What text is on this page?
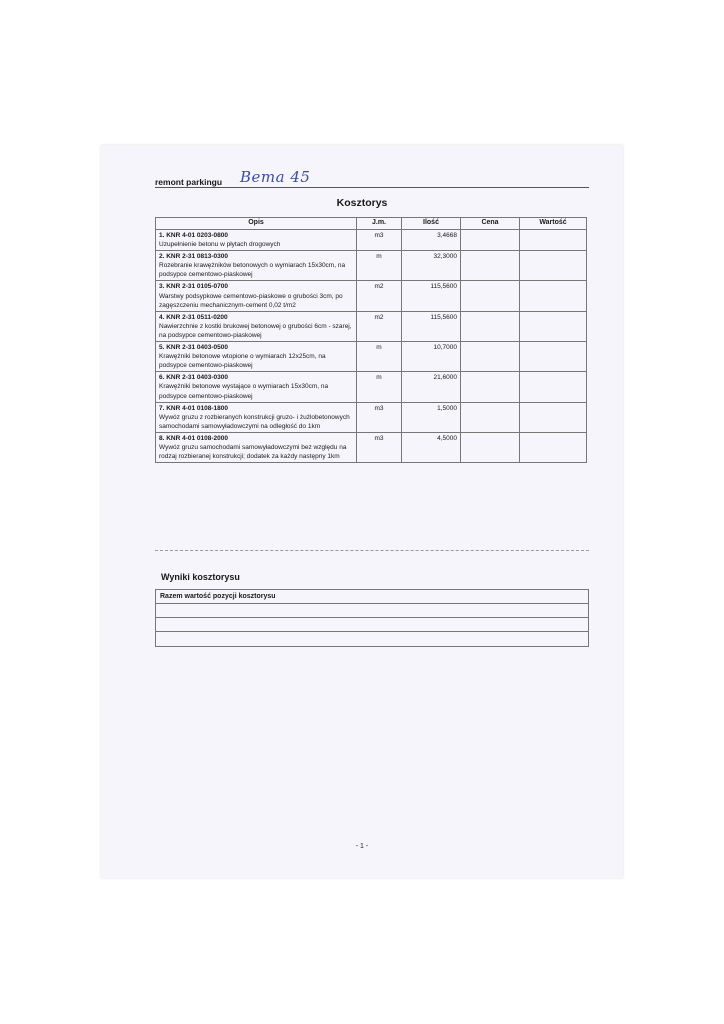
remont parkingu Bema 45
Kosztorys
Opis	J.m.	Ilość	Cena	Wartość

1. KNR 4-01 0203-0800
Uzupełnienie betonu w płytach drogowych	m3	3,4668		

2. KNR 2-31 0813-0300
Rozebranie krawężników betonowych o wymiarach 15x30cm, na podsypce cementowo-piaskowej	m	32,3000		

3. KNR 2-31 0105-0700
Warstwy podsypkowe cementowo-piaskowe o grubości 3cm, po zagęszczeniu mechanicznym-cement 0,02 t/m2	m2	115,5600		

4. KNR 2-31 0511-0200
Nawierzchnie z kostki brukowej betonowej o grubości 6cm - szarej, na podsypce cementowo-piaskowej	m2	115,5600		

5. KNR 2-31 0403-0500
Krawężniki betonowe wtopione o wymiarach 12x25cm, na podsypce cementowo-piaskowej	m	10,7000		

6. KNR 2-31 0403-0300
Krawężniki betonowe wystające o wymiarach 15x30cm, na podsypce cementowo-piaskowej	m	21,6000		

7. KNR 4-01 0108-1800
Wywóz gruzu z rozbieranych konstrukcji gruzo- i żużlobetonowych samochodami samowyładowczymi na odległość do 1km	m3	1,5000		

8. KNR 4-01 0108-2000
Wywóz gruzu samochodami samowyładowczymi bez względu na rodzaj rozbieranej konstrukcji; dodatek za każdy następny 1km	m3	4,5000		
Wyniki kosztorysu
Razem wartość pozycji kosztorysu
- 1 -
